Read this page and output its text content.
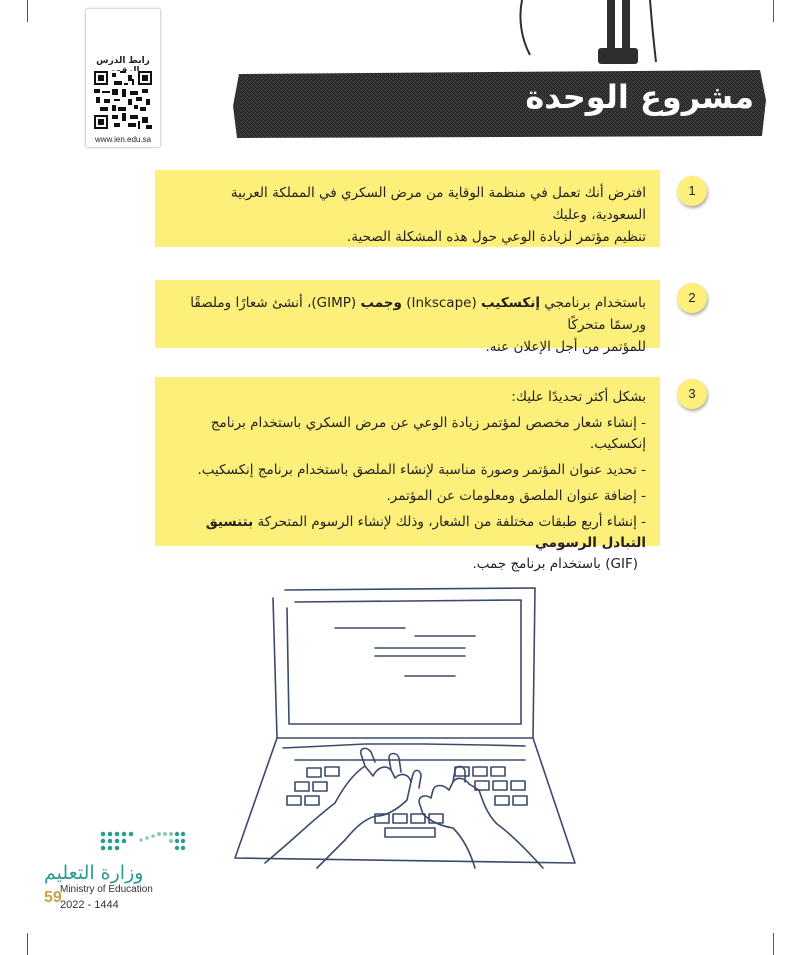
رابط الدرس
www.ien.edu.sa
مشروع الوحدة

افترض أنك تعمل في منظمة الوقاية من مرض السكري في المملكة العربية السعودية، وعليك

تنظيم مؤتمر لزيادة الوعي حول هذه المشكلة الصحية.

1

باستخدام برنامجي إنكسكيب (Inkscape) وجمب (GIMP)، أنشئ شعارًا وملصقًا ورسمًا متحركًا

للمؤتمر من أجل الإعلان عنه.

2

بشكل أكثر تحديدًا عليك:

- إنشاء شعار مخصص لمؤتمر زيادة الوعي عن مرض السكري باستخدام برنامج إنكسكيب.

- تحديد عنوان المؤتمر وصورة مناسبة لإنشاء الملصق باستخدام برنامج إنكسكيب.

- إضافة عنوان الملصق ومعلومات عن المؤتمر.

- إنشاء أربع طبقات مختلفة من الشعار، وذلك لإنشاء الرسوم المتحركة بتنسيق التبادل الرسومي

(GIF) باستخدام برنامج جمب.

3
وزارة التعليم
59
Ministry of Education
2022 - 1444
